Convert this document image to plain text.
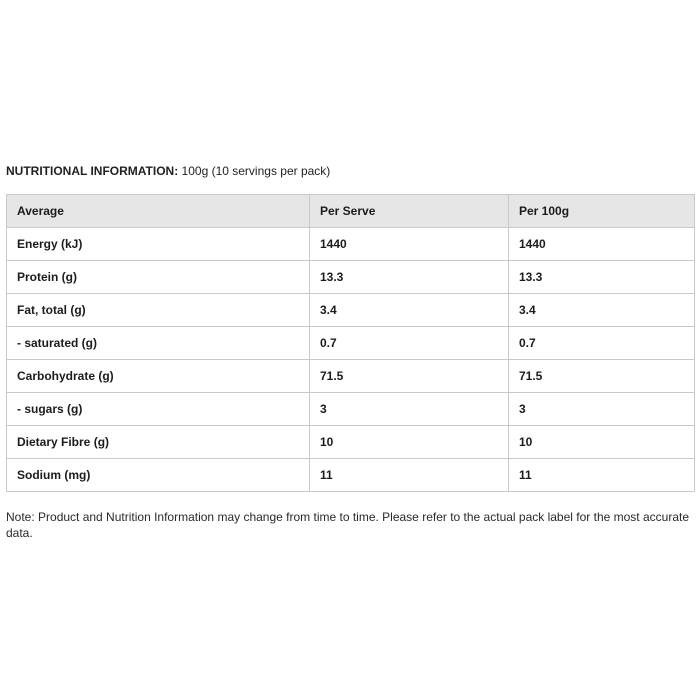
NUTRITIONAL INFORMATION: 100g (10 servings per pack)
Average	Per Serve	Per 100g
Energy (kJ)	1440	1440
Protein (g)	13.3	13.3
Fat, total (g)	3.4	3.4
- saturated (g)	0.7	0.7
Carbohydrate (g)	71.5	71.5
- sugars (g)	3	3
Dietary Fibre (g)	10	10
Sodium (mg)	11	11
Note: Product and Nutrition Information may change from time to time. Please refer to the actual pack label for the most accurate data.
